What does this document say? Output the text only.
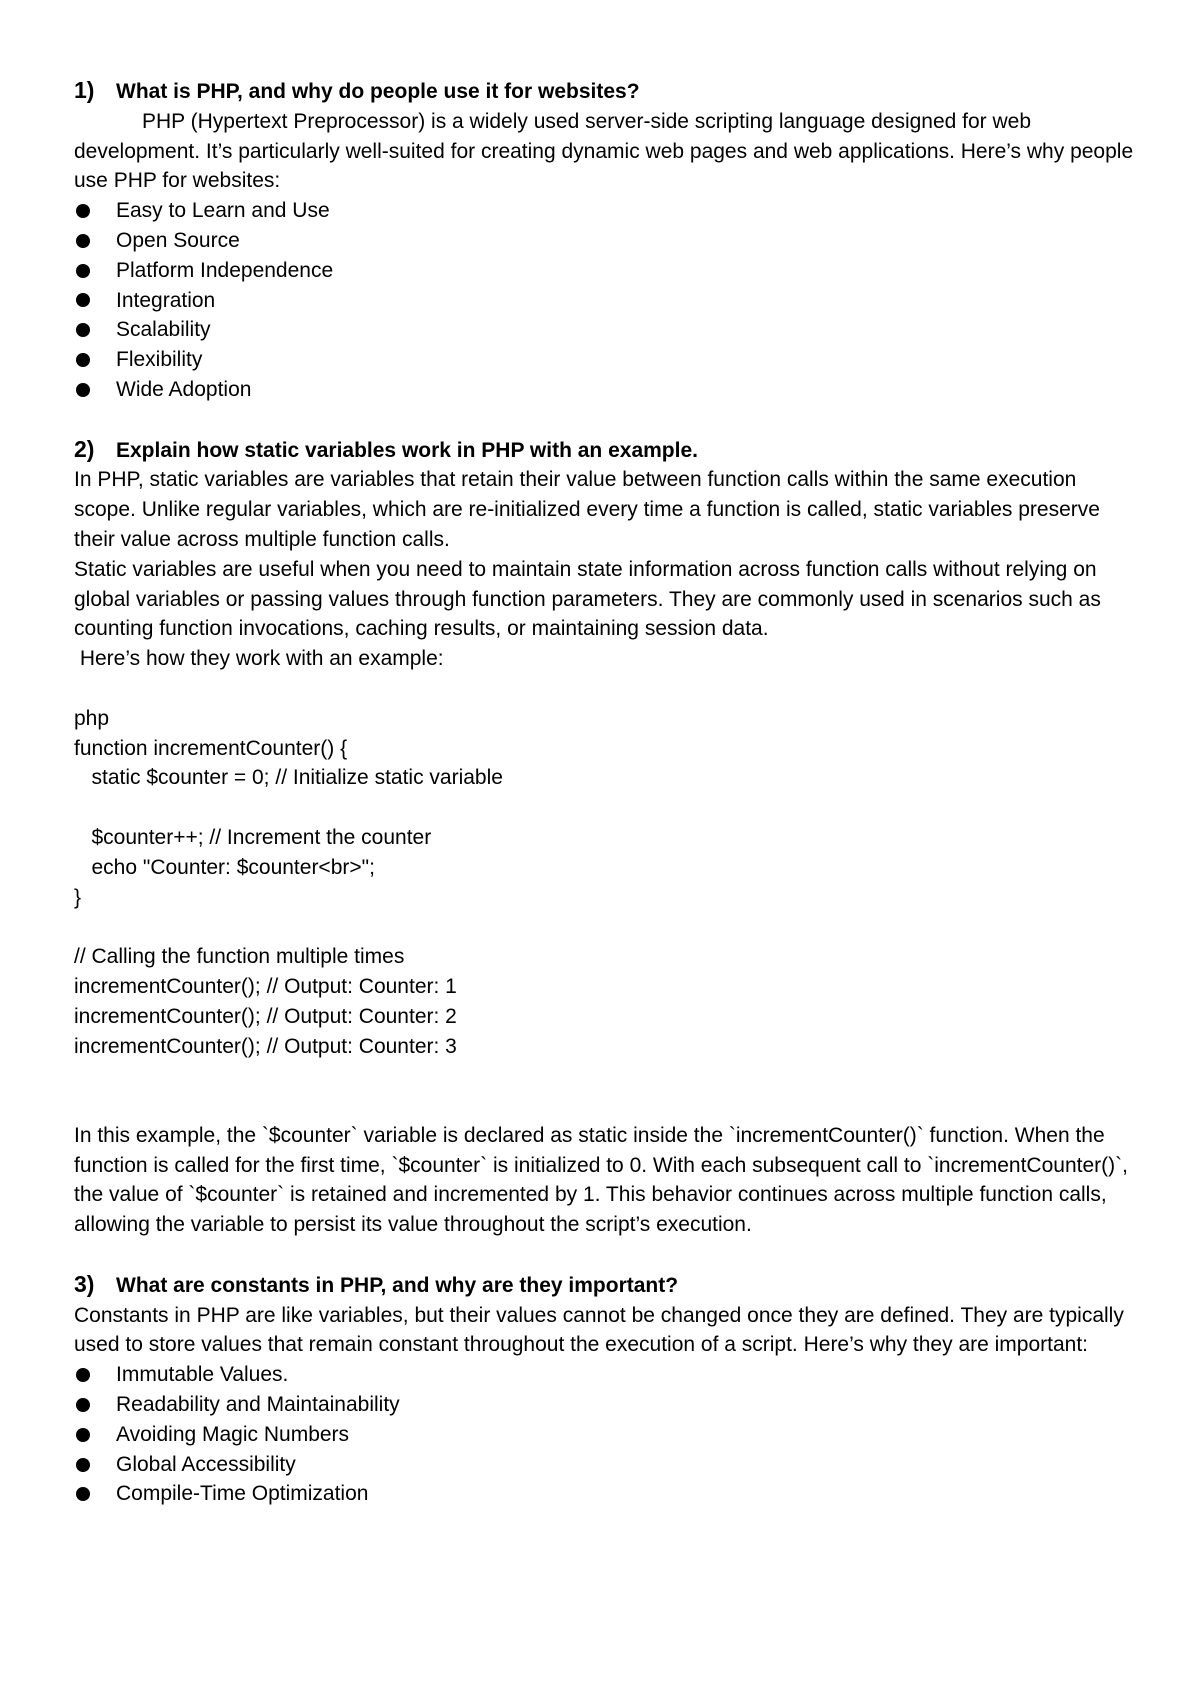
1)	What is PHP, and why do people use it for websites?

PHP (Hypertext Preprocessor) is a widely used server-side scripting language designed for web development. It’s particularly well-suited for creating dynamic web pages and web applications. Here’s why people use PHP for websites:

Easy to Learn and Use
Open Source
Platform Independence
Integration
Scalability
Flexibility
Wide Adoption
2)	Explain how static variables work in PHP with an example.

In PHP, static variables are variables that retain their value between function calls within the same execution scope. Unlike regular variables, which are re-initialized every time a function is called, static variables preserve their value across multiple function calls.

Static variables are useful when you need to maintain state information across function calls without relying on global variables or passing values through function parameters. They are commonly used in scenarios such as counting function invocations, caching results, or maintaining session data.

Here’s how they work with an example:

php

function incrementCounter() {

static $counter = 0; // Initialize static variable

$counter++; // Increment the counter

echo "Counter: $counter<br>";

}

// Calling the function multiple times

incrementCounter(); // Output: Counter: 1

incrementCounter(); // Output: Counter: 2

incrementCounter(); // Output: Counter: 3

In this example, the `$counter` variable is declared as static inside the `incrementCounter()` function. When the function is called for the first time, `$counter` is initialized to 0. With each subsequent call to `incrementCounter()`, the value of `$counter` is retained and incremented by 1. This behavior continues across multiple function calls, allowing the variable to persist its value throughout the script’s execution.

3)	What are constants in PHP, and why are they important?

Constants in PHP are like variables, but their values cannot be changed once they are defined. They are typically used to store values that remain constant throughout the execution of a script. Here’s why they are important:

Immutable Values.
Readability and Maintainability
Avoiding Magic Numbers
Global Accessibility
Compile-Time Optimization
